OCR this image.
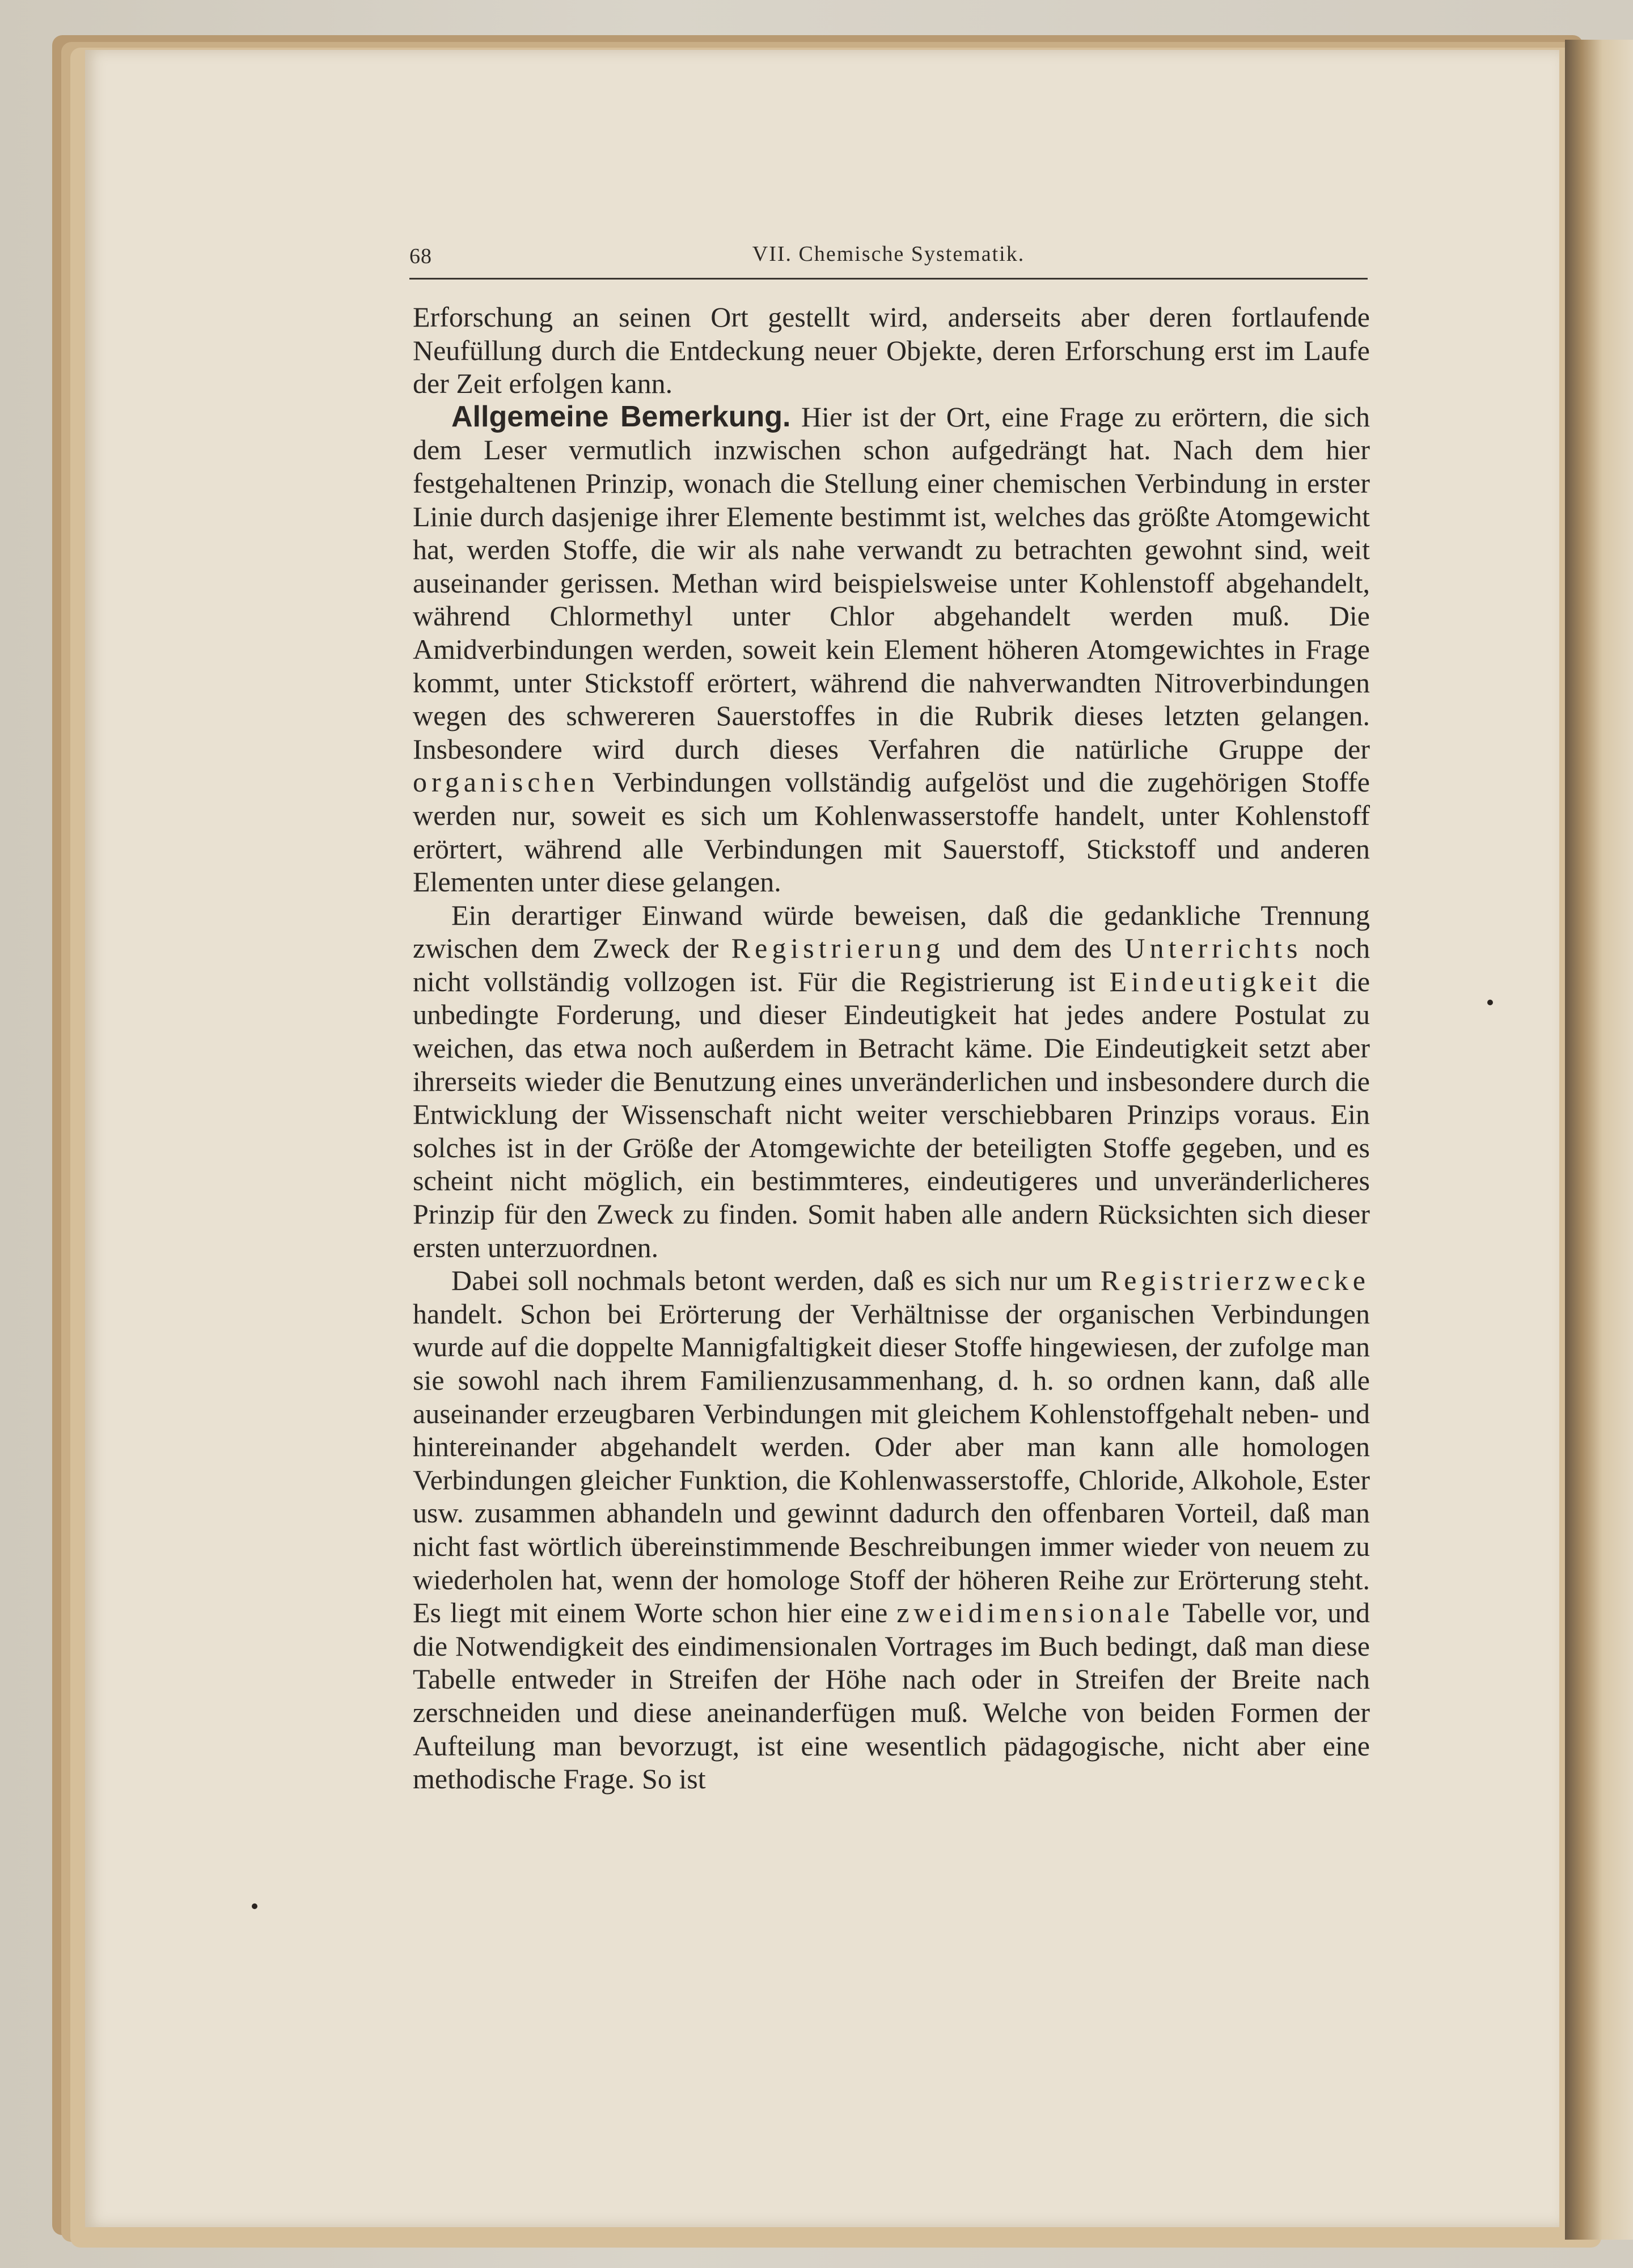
68	VII. Chemische Systematik.

Erforschung an seinen Ort gestellt wird, anderseits aber deren fortlaufende Neufüllung durch die Entdeckung neuer Objekte, deren Erforschung erst im Laufe der Zeit erfolgen kann.

Allgemeine Bemerkung. Hier ist der Ort, eine Frage zu erörtern, die sich dem Leser vermutlich inzwischen schon aufgedrängt hat. Nach dem hier festgehaltenen Prinzip, wonach die Stellung einer chemischen Verbindung in erster Linie durch dasjenige ihrer Elemente bestimmt ist, welches das größte Atomgewicht hat, werden Stoffe, die wir als nahe verwandt zu betrachten gewohnt sind, weit auseinander gerissen. Methan wird beispielsweise unter Kohlenstoff abgehandelt, während Chlormethyl unter Chlor abgehandelt werden muß. Die Amidverbindungen werden, soweit kein Element höheren Atomgewichtes in Frage kommt, unter Stickstoff erörtert, während die nahverwandten Nitroverbindungen wegen des schwereren Sauerstoffes in die Rubrik dieses letzten gelangen. Insbesondere wird durch dieses Verfahren die natürliche Gruppe der organischen Verbindungen vollständig aufgelöst und die zugehörigen Stoffe werden nur, soweit es sich um Kohlenwasserstoffe handelt, unter Kohlenstoff erörtert, während alle Verbindungen mit Sauerstoff, Stickstoff und anderen Elementen unter diese gelangen.

Ein derartiger Einwand würde beweisen, daß die gedankliche Trennung zwischen dem Zweck der Registrierung und dem des Unterrichts noch nicht vollständig vollzogen ist. Für die Registrierung ist Eindeutigkeit die unbedingte Forderung, und dieser Eindeutigkeit hat jedes andere Postulat zu weichen, das etwa noch außerdem in Betracht käme. Die Eindeutigkeit setzt aber ihrerseits wieder die Benutzung eines unveränderlichen und insbesondere durch die Entwicklung der Wissenschaft nicht weiter verschiebbaren Prinzips voraus. Ein solches ist in der Größe der Atomgewichte der beteiligten Stoffe gegeben, und es scheint nicht möglich, ein bestimmteres, eindeutigeres und unveränderlicheres Prinzip für den Zweck zu finden. Somit haben alle andern Rücksichten sich dieser ersten unterzuordnen.

Dabei soll nochmals betont werden, daß es sich nur um Registrierzwecke handelt. Schon bei Erörterung der Verhältnisse der organischen Verbindungen wurde auf die doppelte Mannigfaltigkeit dieser Stoffe hingewiesen, der zufolge man sie sowohl nach ihrem Familienzusammenhang, d. h. so ordnen kann, daß alle auseinander erzeugbaren Verbindungen mit gleichem Kohlenstoffgehalt neben- und hintereinander abgehandelt werden. Oder aber man kann alle homologen Verbindungen gleicher Funktion, die Kohlenwasserstoffe, Chloride, Alkohole, Ester usw. zusammen abhandeln und gewinnt dadurch den offenbaren Vorteil, daß man nicht fast wörtlich übereinstimmende Beschreibungen immer wieder von neuem zu wiederholen hat, wenn der homologe Stoff der höheren Reihe zur Erörterung steht. Es liegt mit einem Worte schon hier eine zweidimensionale Tabelle vor, und die Notwendigkeit des eindimensionalen Vortrages im Buch bedingt, daß man diese Tabelle entweder in Streifen der Höhe nach oder in Streifen der Breite nach zerschneiden und diese aneinanderfügen muß. Welche von beiden Formen der Aufteilung man bevorzugt, ist eine wesentlich pädagogische, nicht aber eine methodische Frage. So ist
